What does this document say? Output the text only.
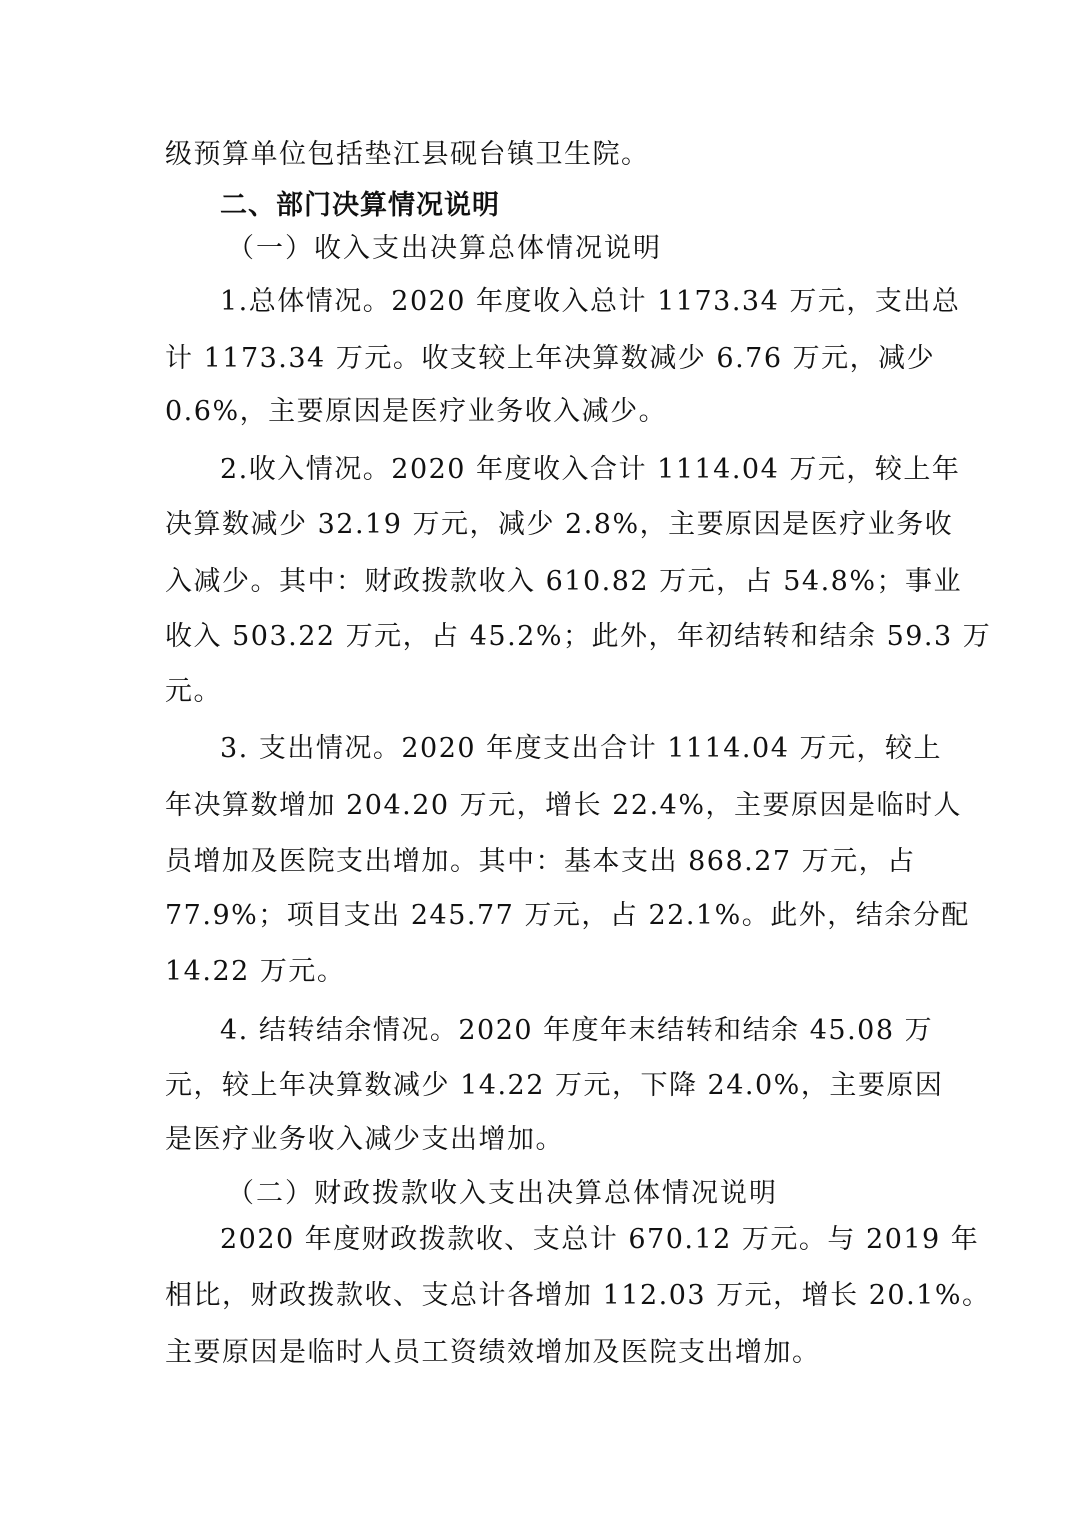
级预算单位包括垫江县砚台镇卫生院。
二、部门决算情况说明
（一）收入支出决算总体情况说明
1.总体情况。2020 年度收入总计 1173.34 万元，支出总
计 1173.34 万元。收支较上年决算数减少 6.76 万元，减少
0.6%，主要原因是医疗业务收入减少。
2.收入情况。2020 年度收入合计 1114.04 万元，较上年
决算数减少 32.19 万元，减少 2.8%，主要原因是医疗业务收
入减少。其中：财政拨款收入 610.82 万元，占 54.8%；事业
收入 503.22 万元，占 45.2%；此外，年初结转和结余 59.3 万
元。
3. 支出情况。2020 年度支出合计 1114.04 万元，较上
年决算数增加 204.20 万元，增长 22.4%，主要原因是临时人
员增加及医院支出增加。其中：基本支出 868.27 万元，占
77.9%；项目支出 245.77 万元，占 22.1%。此外，结余分配
14.22 万元。
4. 结转结余情况。2020 年度年末结转和结余 45.08 万
元，较上年决算数减少 14.22 万元，下降 24.0%，主要原因
是医疗业务收入减少支出增加。
（二）财政拨款收入支出决算总体情况说明
2020 年度财政拨款收、支总计 670.12 万元。与 2019 年
相比，财政拨款收、支总计各增加 112.03 万元，增长 20.1%。
主要原因是临时人员工资绩效增加及医院支出增加。
